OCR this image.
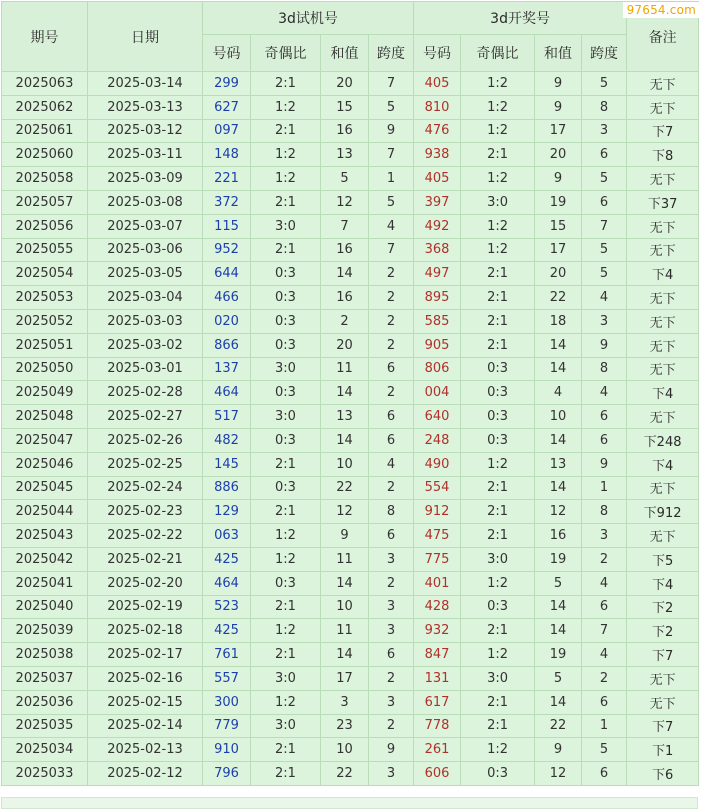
期号	日期	3d试机号				3d开奖号				备注
		号码	奇偶比	和值	跨度	号码	奇偶比	和值	跨度	
2025063	2025-03-14	299	2:1	20	7	405	1:2	9	5	无下
2025062	2025-03-13	627	1:2	15	5	810	1:2	9	8	无下
2025061	2025-03-12	097	2:1	16	9	476	1:2	17	3	下7
2025060	2025-03-11	148	1:2	13	7	938	2:1	20	6	下8
2025058	2025-03-09	221	1:2	5	1	405	1:2	9	5	无下
2025057	2025-03-08	372	2:1	12	5	397	3:0	19	6	下37
2025056	2025-03-07	115	3:0	7	4	492	1:2	15	7	无下
2025055	2025-03-06	952	2:1	16	7	368	1:2	17	5	无下
2025054	2025-03-05	644	0:3	14	2	497	2:1	20	5	下4
2025053	2025-03-04	466	0:3	16	2	895	2:1	22	4	无下
2025052	2025-03-03	020	0:3	2	2	585	2:1	18	3	无下
2025051	2025-03-02	866	0:3	20	2	905	2:1	14	9	无下
2025050	2025-03-01	137	3:0	11	6	806	0:3	14	8	无下
2025049	2025-02-28	464	0:3	14	2	004	0:3	4	4	下4
2025048	2025-02-27	517	3:0	13	6	640	0:3	10	6	无下
2025047	2025-02-26	482	0:3	14	6	248	0:3	14	6	下248
2025046	2025-02-25	145	2:1	10	4	490	1:2	13	9	下4
2025045	2025-02-24	886	0:3	22	2	554	2:1	14	1	无下
2025044	2025-02-23	129	2:1	12	8	912	2:1	12	8	下912
2025043	2025-02-22	063	1:2	9	6	475	2:1	16	3	无下
2025042	2025-02-21	425	1:2	11	3	775	3:0	19	2	下5
2025041	2025-02-20	464	0:3	14	2	401	1:2	5	4	下4
2025040	2025-02-19	523	2:1	10	3	428	0:3	14	6	下2
2025039	2025-02-18	425	1:2	11	3	932	2:1	14	7	下2
2025038	2025-02-17	761	2:1	14	6	847	1:2	19	4	下7
2025037	2025-02-16	557	3:0	17	2	131	3:0	5	2	无下
2025036	2025-02-15	300	1:2	3	3	617	2:1	14	6	无下
2025035	2025-02-14	779	3:0	23	2	778	2:1	22	1	下7
2025034	2025-02-13	910	2:1	10	9	261	1:2	9	5	下1
2025033	2025-02-12	796	2:1	22	3	606	0:3	12	6	下6
97654.com
